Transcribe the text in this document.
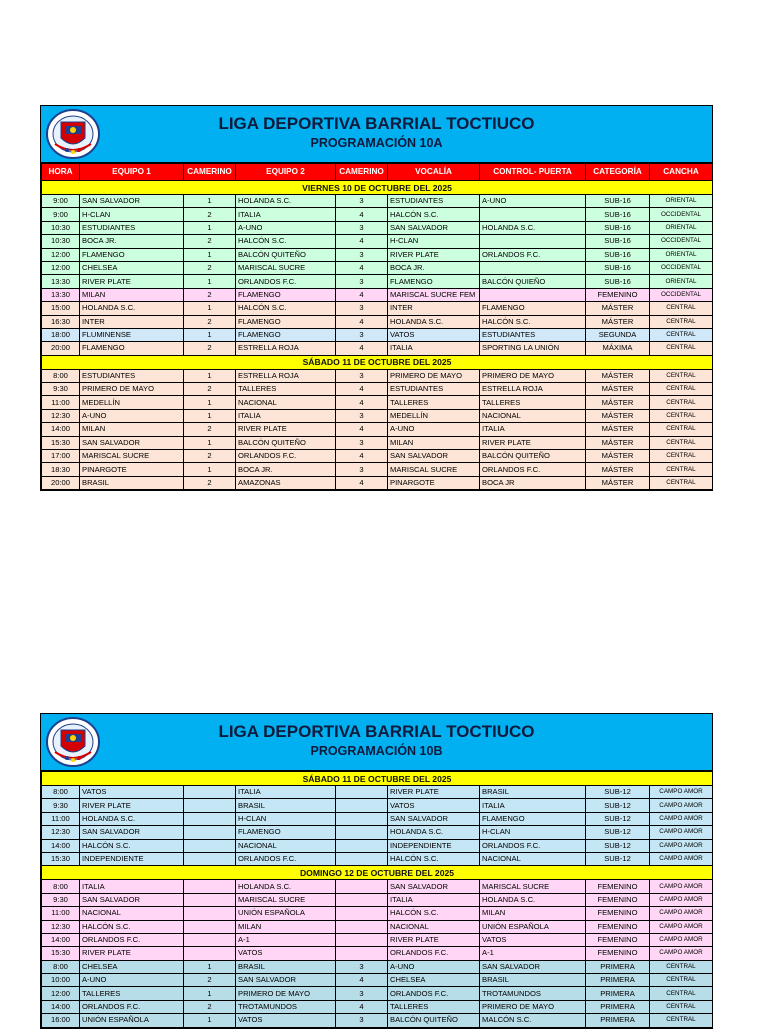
LIGA DEPORTIVA BARRIAL TOCTIUCO
PROGRAMACIÓN 10A
HORA	EQUIPO 1	CAMERINO	EQUIPO 2	CAMERINO	VOCALÍA	CONTROL- PUERTA	CATEGORÍA	CANCHA
VIERNES 10 DE OCTUBRE DEL 2025								
9:00	SAN SALVADOR	1	HOLANDA S.C.	3	ESTUDIANTES	A-UNO	SUB-16	ORIENTAL
9:00	H-CLAN	2	ITALIA	4	HALCÓN S.C.		SUB-16	OCCIDENTAL
10:30	ESTUDIANTES	1	A-UNO	3	SAN SALVADOR	HOLANDA S.C.	SUB-16	ORIENTAL
10:30	BOCA JR.	2	HALCÓN S.C.	4	H-CLAN		SUB-16	OCCIDENTAL
12:00	FLAMENGO	1	BALCÓN QUITEÑO	3	RIVER PLATE	ORLANDOS F.C.	SUB-16	ORIENTAL
12:00	CHELSEA	2	MARISCAL SUCRE	4	BOCA JR.		SUB-16	OCCIDENTAL
13:30	RIVER PLATE	1	ORLANDOS F.C.	3	FLAMENGO	BALCÓN QUIEÑO	SUB-16	ORIENTAL
13:30	MILAN	2	FLAMENGO	4	MARISCAL SUCRE FEM		FEMENINO	OCCIDENTAL
15:00	HOLANDA S.C.	1	HALCÓN S.C.	3	INTER	FLAMENGO	MÁSTER	CENTRAL
16:30	INTER	2	FLAMENGO	4	HOLANDA S.C.	HALCÓN S.C.	MÁSTER	CENTRAL
18:00	FLUMINENSE	1	FLAMENGO	3	VATOS	ESTUDIANTES	SEGUNDA	CENTRAL
20:00	FLAMENGO	2	ESTRELLA ROJA	4	ITALIA	SPORTING LA UNIÓN	MÁXIMA	CENTRAL
SÁBADO 11 DE OCTUBRE DEL 2025								
8:00	ESTUDIANTES	1	ESTRELLA ROJA	3	PRIMERO DE MAYO	PRIMERO DE MAYO	MÁSTER	CENTRAL
9:30	PRIMERO DE MAYO	2	TALLERES	4	ESTUDIANTES	ESTRELLA ROJA	MÁSTER	CENTRAL
11:00	MEDELLÍN	1	NACIONAL	4	TALLERES	TALLERES	MÁSTER	CENTRAL
12:30	A-UNO	1	ITALIA	3	MEDELLÍN	NACIONAL	MÁSTER	CENTRAL
14:00	MILAN	2	RIVER PLATE	4	A-UNO	ITALIA	MÁSTER	CENTRAL
15:30	SAN SALVADOR	1	BALCÓN QUITEÑO	3	MILAN	RIVER PLATE	MÁSTER	CENTRAL
17:00	MARISCAL SUCRE	2	ORLANDOS F.C.	4	SAN SALVADOR	BALCÓN QUITEÑO	MÁSTER	CENTRAL
18:30	PINARGOTE	1	BOCA JR.	3	MARISCAL SUCRE	ORLANDOS F.C.	MÁSTER	CENTRAL
20:00	BRASIL	2	AMAZONAS	4	PINARGOTE	BOCA JR	MÁSTER	CENTRAL
LIGA DEPORTIVA BARRIAL TOCTIUCO
PROGRAMACIÓN 10B
SÁBADO 11 DE OCTUBRE DEL 2025								
8:00	VATOS		ITALIA		RIVER PLATE	BRASIL	SUB-12	CAMPO AMOR
9:30	RIVER PLATE		BRASIL		VATOS	ITALIA	SUB-12	CAMPO AMOR
11:00	HOLANDA S.C.		H-CLAN		SAN SALVADOR	FLAMENGO	SUB-12	CAMPO AMOR
12:30	SAN SALVADOR		FLAMENGO		HOLANDA S.C.	H-CLAN	SUB-12	CAMPO AMOR
14:00	HALCÓN S.C.		NACIONAL		INDEPENDIENTE	ORLANDOS F.C.	SUB-12	CAMPO AMOR
15:30	INDEPENDIENTE		ORLANDOS F.C.		HALCÓN S.C.	NACIONAL	SUB-12	CAMPO AMOR
DOMINGO 12 DE OCTUBRE DEL 2025								
8:00	ITALIA		HOLANDA S.C.		SAN SALVADOR	MARISCAL SUCRE	FEMENINO	CAMPO AMOR
9:30	SAN SALVADOR		MARISCAL SUCRE		ITALIA	HOLANDA S.C.	FEMENINO	CAMPO AMOR
11:00	NACIONAL		UNIÓN ESPAÑOLA		HALCÓN S.C.	MILAN	FEMENINO	CAMPO AMOR
12:30	HALCÓN S.C.		MILAN		NACIONAL	UNIÓN ESPAÑOLA	FEMENINO	CAMPO AMOR
14:00	ORLANDOS F.C.		A-1		RIVER PLATE	VATOS	FEMENINO	CAMPO AMOR
15:30	RIVER PLATE		VATOS		ORLANDOS F.C.	A-1	FEMENINO	CAMPO AMOR
8:00	CHELSEA	1	BRASIL	3	A-UNO	SAN SALVADOR	PRIMERA	CENTRAL
10:00	A-UNO	2	SAN SALVADOR	4	CHELSEA	BRASIL	PRIMERA	CENTRAL
12:00	TALLERES	1	PRIMERO DE MAYO	3	ORLANDOS F.C.	TROTAMUNDOS	PRIMERA	CENTRAL
14:00	ORLANDOS F.C.	2	TROTAMUNDOS	4	TALLERES	PRIMERO DE MAYO	PRIMERA	CENTRAL
16:00	UNIÓN ESPAÑOLA	1	VATOS	3	BALCÓN QUITEÑO	MALCÓN S.C.	PRIMERA	CENTRAL
